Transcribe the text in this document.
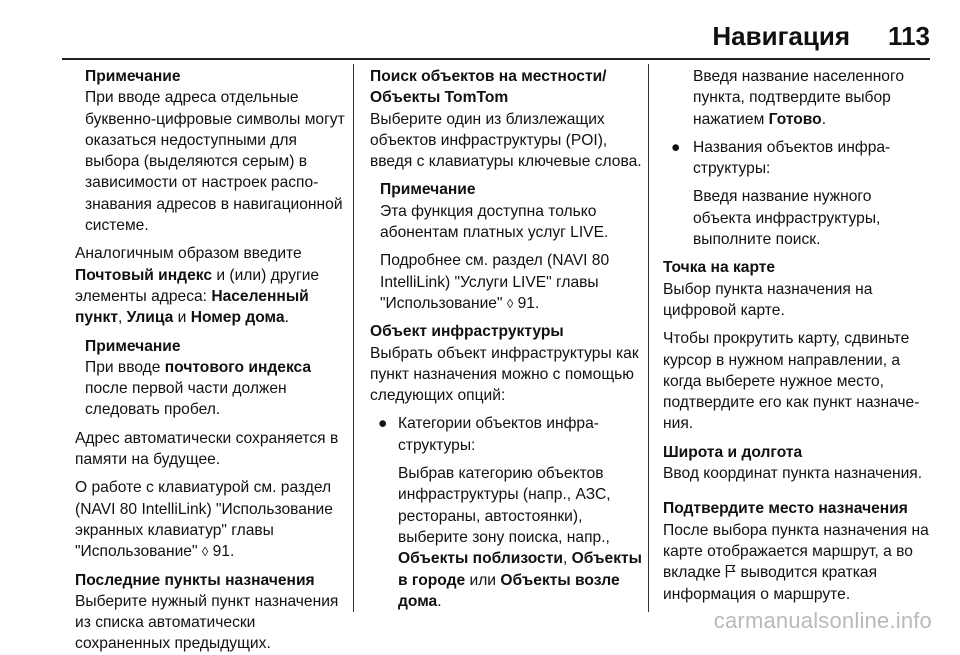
Навигация	113
Примечание
При вводе адреса отдельные буквенно-цифровые символы могут оказаться недоступными для выбора (выделяются серым) в зависимости от настроек распознавания адресов в навигационной системе.

Аналогичным образом введите Почтовый индекс и (или) другие элементы адреса: Населенный пункт, Улица и Номер дома.

Примечание
При вводе почтового индекса после первой части должен следовать пробел.

Адрес автоматически сохраняется в памяти на будущее.

О работе с клавиатурой см. раздел (NAVI 80 IntelliLink) "Использование экранных клавиатур" главы "Использование" ◊ 91.

Последние пункты назначения
Выберите нужный пункт назначения из списка автоматически сохраненных предыдущих.

Поиск объектов на местности/ Объекты TomTom
Выберите один из близлежащих объектов инфраструктуры (POI), введя с клавиатуры ключевые слова.

Примечание
Эта функция доступна только абонентам платных услуг LIVE.

Подробнее см. раздел (NAVI 80 IntelliLink) "Услуги LIVE" главы "Использование" ◊ 91.

Объект инфраструктуры
Выбрать объект инфраструктуры как пункт назначения можно с помощью следующих опций:

● Категории объектов инфраструктуры:

Выбрав категорию объектов инфраструктуры (напр., АЗС, рестораны, автостоянки), выберите зону поиска, напр., Объекты поблизости, Объекты в городе или Объекты возле дома.

Введя название населенного пункта, подтвердите выбор нажатием Готово.

● Названия объектов инфраструктуры:

Введя название нужного объекта инфраструктуры, выполните поиск.

Точка на карте
Выбор пункта назначения на цифровой карте.

Чтобы прокрутить карту, сдвиньте курсор в нужном направлении, а когда выберете нужное место, подтвердите его как пункт назначения.

Широта и долгота
Ввод координат пункта назначения.

Подтвердите место назначения
После выбора пункта назначения на карте отображается маршрут, а во вкладке  выводится краткая информация о маршруте.

carmanualsonline.info
